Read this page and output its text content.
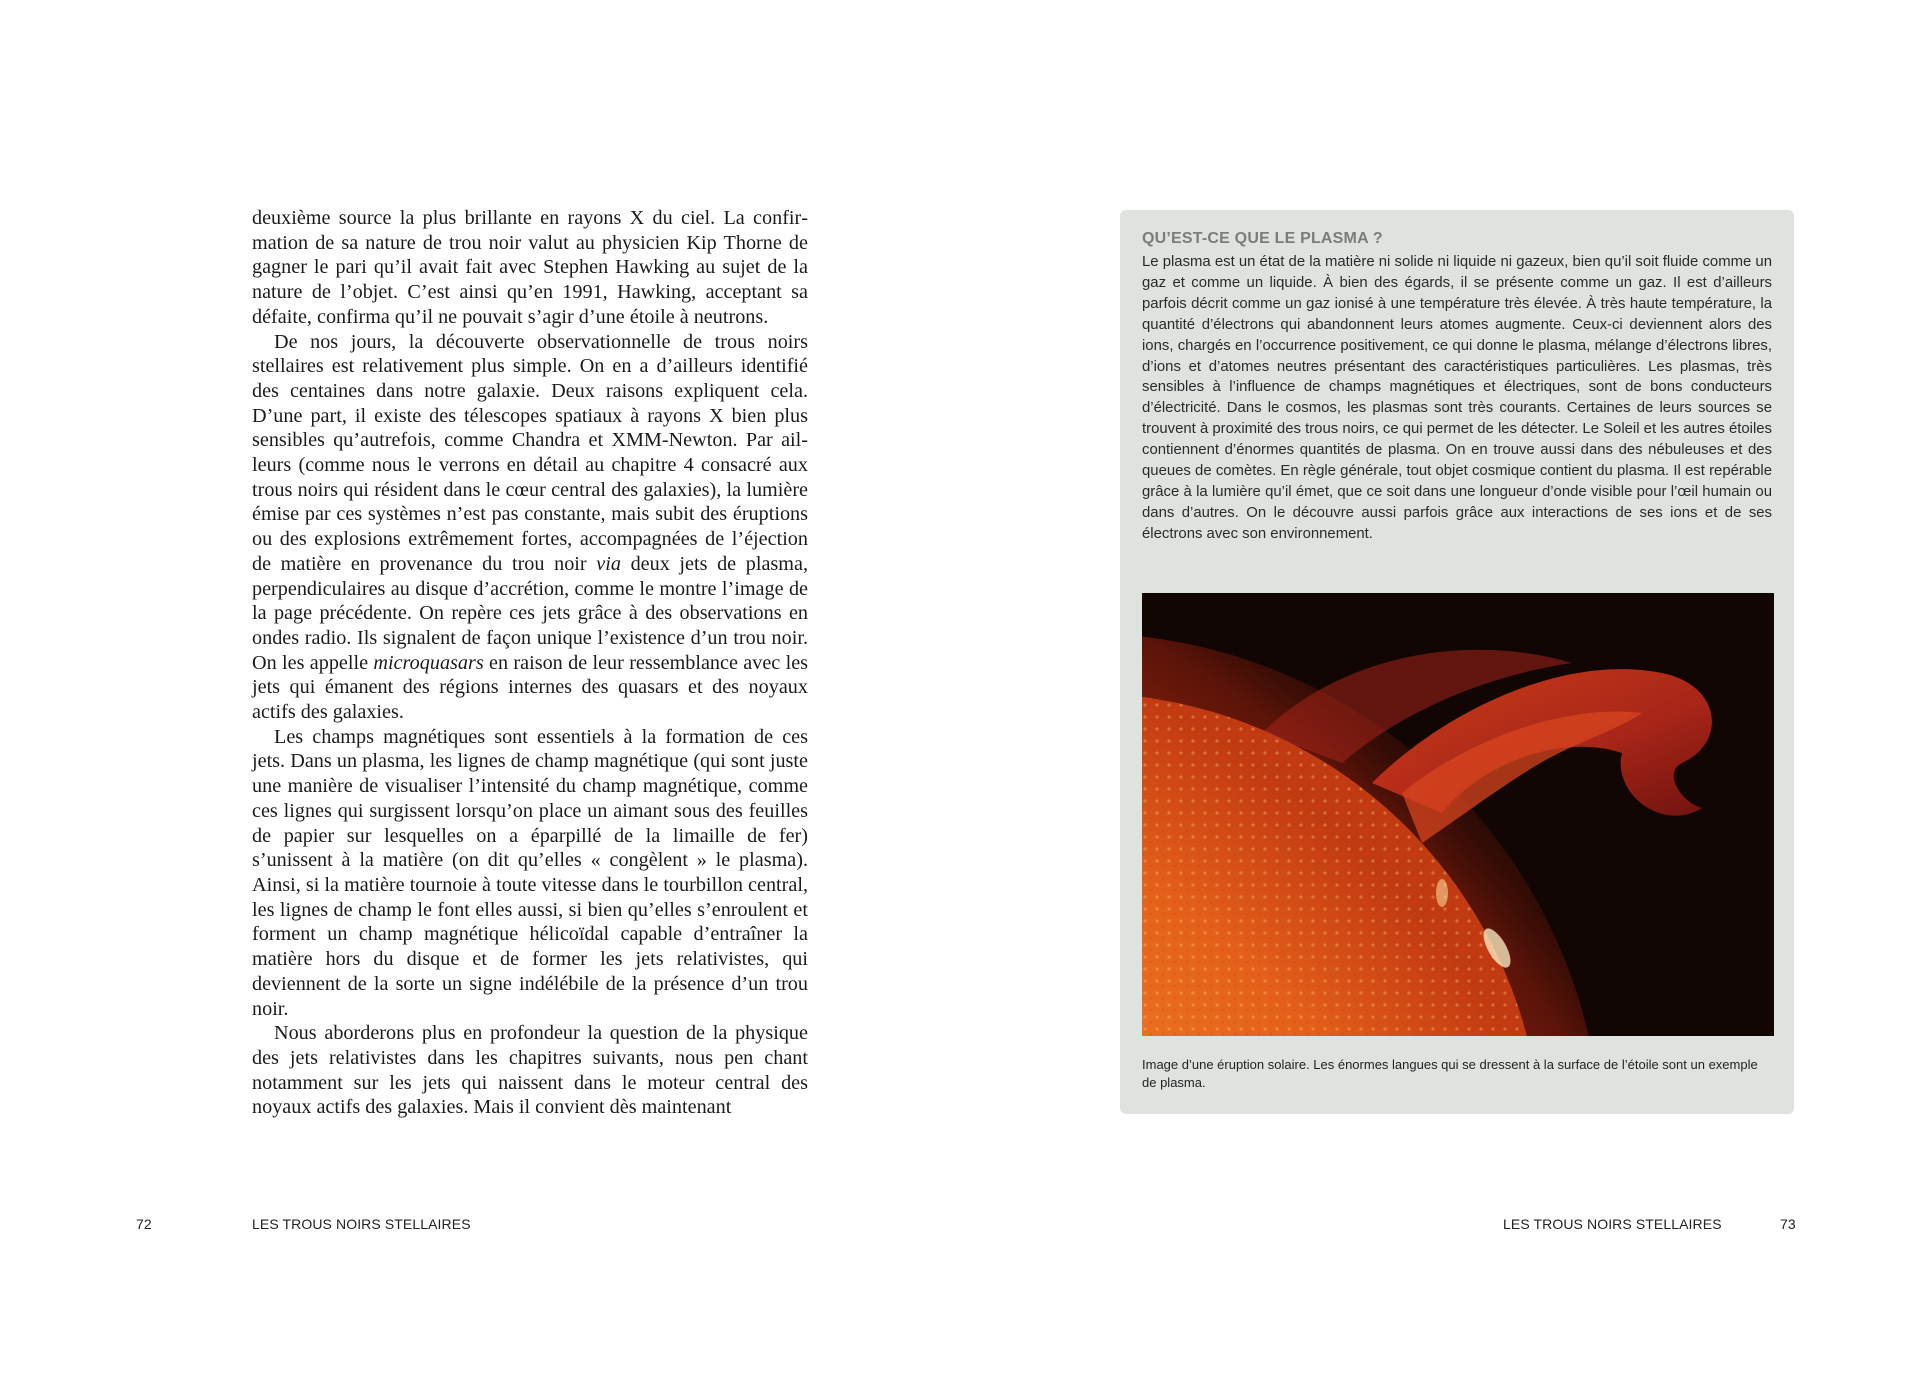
deuxième source la plus brillante en rayons X du ciel. La confirmation de sa nature de trou noir valut au physicien Kip Thorne de gagner le pari qu’il avait fait avec Stephen Hawking au sujet de la nature de l’objet. C’est ainsi qu’en 1991, Hawking, acceptant sa défaite, confirma qu’il ne pouvait s’agir d’une étoile à neutrons.

De nos jours, la découverte observationnelle de trous noirs stellaires est relativement plus simple. On en a d’ailleurs identifié des centaines dans notre galaxie. Deux raisons expliquent cela. D’une part, il existe des télescopes spatiaux à rayons X bien plus sensibles qu’autrefois, comme Chandra et XMM-Newton. Par ailleurs (comme nous le verrons en détail au chapitre 4 consacré aux trous noirs qui résident dans le cœur central des galaxies), la lumière émise par ces systèmes n’est pas constante, mais subit des éruptions ou des explosions extrêmement fortes, accompagnées de l’éjection de matière en provenance du trou noir via deux jets de plasma, perpendiculaires au disque d’accrétion, comme le montre l’image de la page précédente. On repère ces jets grâce à des observations en ondes radio. Ils signalent de façon unique l’existence d’un trou noir. On les appelle microquasars en raison de leur ressemblance avec les jets qui émanent des régions internes des quasars et des noyaux actifs des galaxies.

Les champs magnétiques sont essentiels à la formation de ces jets. Dans un plasma, les lignes de champ magnétique (qui sont juste une manière de visualiser l’intensité du champ magnétique, comme ces lignes qui surgissent lorsqu’on place un aimant sous des feuilles de papier sur lesquelles on a éparpillé de la limaille de fer) s’unissent à la matière (on dit qu’elles « congèlent » le plasma). Ainsi, si la matière tournoie à toute vitesse dans le tourbillon central, les lignes de champ le font elles aussi, si bien qu’elles s’enroulent et forment un champ magnétique hélicoïdal capable d’entraîner la matière hors du disque et de former les jets relativistes, qui deviennent de la sorte un signe indélébile de la présence d’un trou noir.

Nous aborderons plus en profondeur la question de la physique des jets relativistes dans les chapitres suivants, nous pen chant notamment sur les jets qui naissent dans le moteur central des noyaux actifs des galaxies. Mais il convient dès maintenant

72	LES TROUS NOIRS STELLAIRES	LES TROUS NOIRS STELLAIRES	73
QU’EST-CE QUE LE PLASMA ?

Le plasma est un état de la matière ni solide ni liquide ni gazeux, bien qu’il soit fluide comme un gaz et comme un liquide. À bien des égards, il se présente comme un gaz. Il est d’ailleurs parfois décrit comme un gaz ionisé à une température très élevée. À très haute température, la quantité d’électrons qui abandonnent leurs atomes augmente. Ceux-ci deviennent alors des ions, chargés en l’occurrence positivement, ce qui donne le plasma, mélange d’électrons libres, d’ions et d’atomes neutres présentant des caractéristiques particulières. Les plasmas, très sensibles à l’influence de champs magnétiques et électriques, sont de bons conducteurs d’électricité. Dans le cosmos, les plasmas sont très courants. Certaines de leurs sources se trouvent à proximité des trous noirs, ce qui permet de les détecter. Le Soleil et les autres étoiles contiennent d’énormes quantités de plasma. On en trouve aussi dans des nébuleuses et des queues de comètes. En règle générale, tout objet cosmique contient du plasma. Il est repérable grâce à la lumière qu’il émet, que ce soit dans une longueur d’onde visible pour l’œil humain ou dans d’autres. On le découvre aussi parfois grâce aux interactions de ses ions et de ses électrons avec son environnement.

Image d’une éruption solaire. Les énormes langues qui se dressent à la surface de l’étoile sont un exemple de plasma.
